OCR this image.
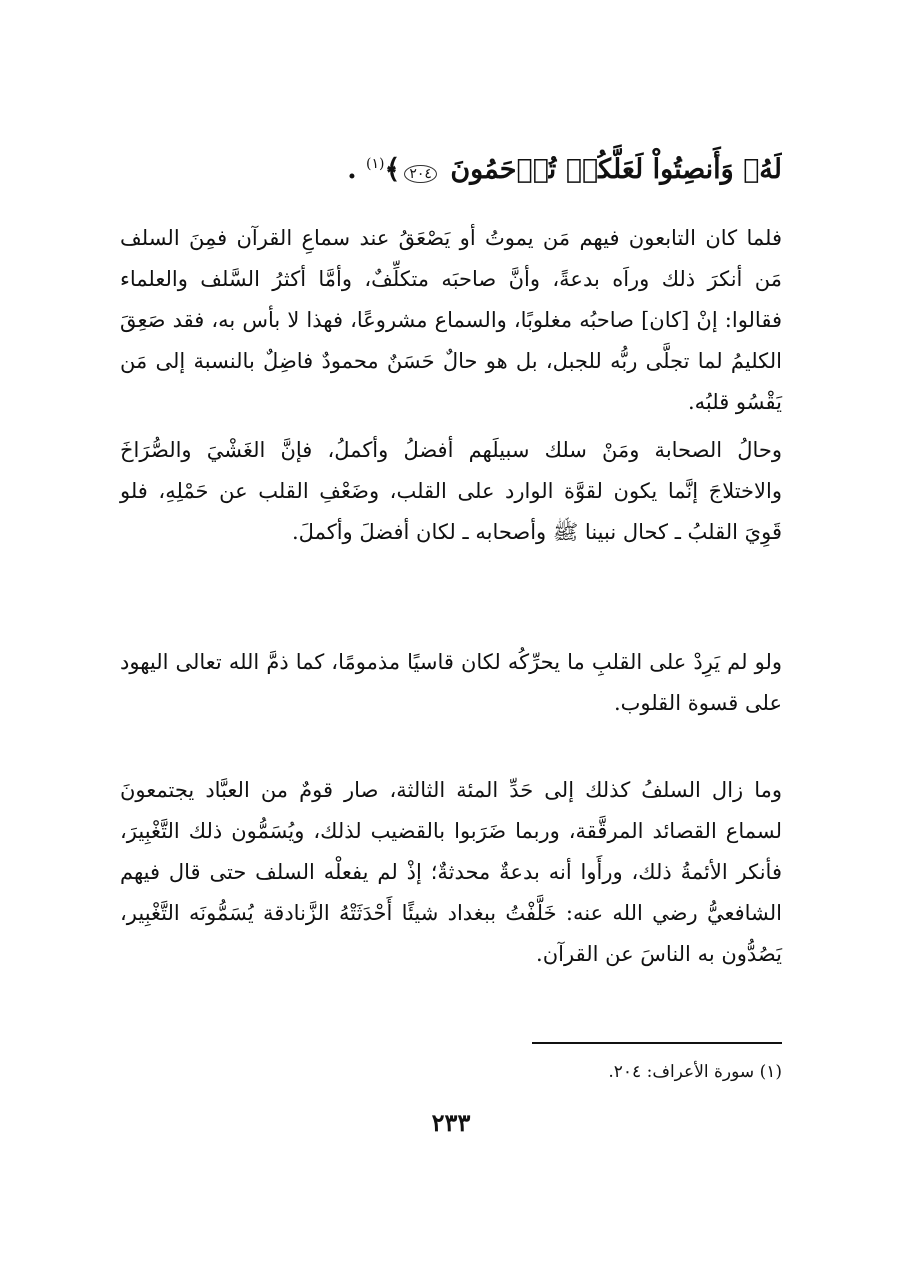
لَهُۥ وَأَنصِتُواْ لَعَلَّكُمۡ تُرۡحَمُونَ ٢٠٤﴾$^{(١)}$ .

فلما كان التابعون فيهم مَن يموتُ أو يَصْعَقُ عند سماعِ القرآن فمِنَ السلف مَن أنكرَ ذلك وراَه بدعةً، وأنَّ صاحبَه متكلِّفٌ، وأمَّا أكثرُ السَّلف والعلماء فقالوا: إنْ [كان] صاحبُه مغلوبًا، والسماع مشروعًا، فهذا لا بأس به، فقد صَعِقَ الكليمُ لما تجلَّى ربُّه للجبل، بل هو حالٌ حَسَنٌ محمودٌ فاضِلٌ بالنسبة إلى مَن يَقْسُو قلبُه.

وحالُ الصحابة ومَنْ سلك سبيلَهم أفضلُ وأكملُ، فإنَّ الغَشْيَ والصُّرَاخَ والاختلاجَ إنَّما يكون لقوَّة الوارد على القلب، وضَعْفِ القلب عن حَمْلِهِ، فلو قَوِيَ القلبُ ـ كحال نبينا ﷺ وأصحابه ـ لكان أفضلَ وأكملَ.

ولو لم يَرِدْ على القلبِ ما يحرِّكُه لكان قاسيًا مذمومًا، كما ذمَّ الله تعالى اليهود على قسوة القلوب.

وما زال السلفُ كذلك إلى حَدِّ المئة الثالثة، صار قومٌ من العبَّاد يجتمعونَ لسماع القصائد المرقَّقة، وربما ضَرَبوا بالقضيب لذلك، ويُسَمُّون ذلك التَّغْبِيرَ، فأنكر الأئمةُ ذلك، ورأَوا أنه بدعةٌ محدثةٌ؛ إذْ لم يفعلْه السلف حتى قال فيهم الشافعيُّ رضي الله عنه: خَلَّفْتُ ببغداد شيئًا أَحْدَثَتْهُ الزَّنادقة يُسَمُّونَه التَّغْبِير، يَصُدُّون به الناسَ عن القرآن.

(١) سورة الأعراف: ٢٠٤.
٢٣٣
